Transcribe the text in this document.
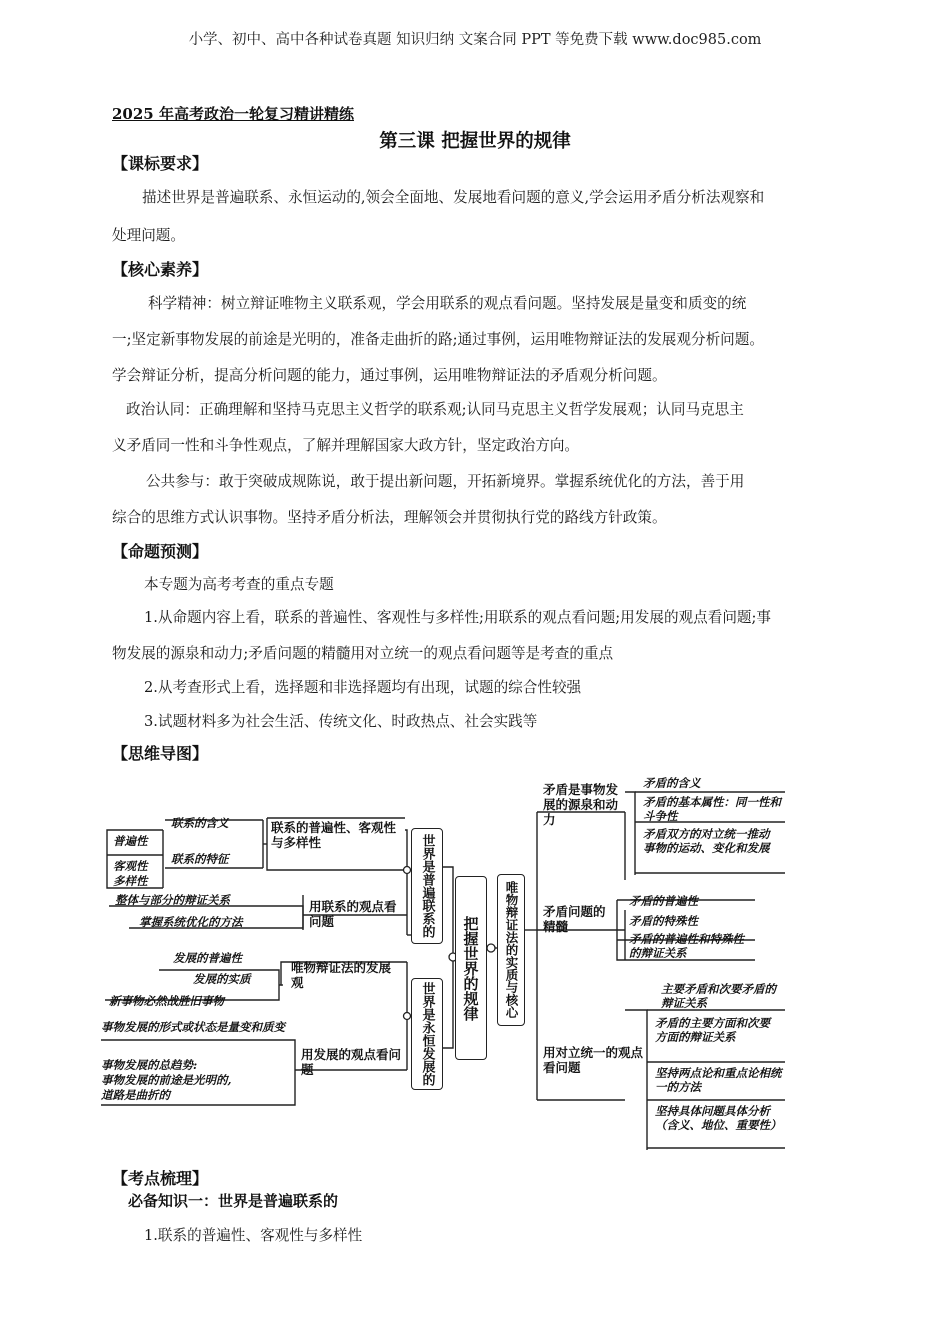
小学、初中、高中各种试卷真题 知识归纳 文案合同 PPT 等免费下载 www.doc985.com
2025 年高考政治一轮复习精讲精练
第三课 把握世界的规律
【课标要求】
描述世界是普遍联系、永恒运动的,领会全面地、发展地看问题的意义,学会运用矛盾分析法观察和
处理问题。
【核心素养】
科学精神：树立辩证唯物主义联系观，学会用联系的观点看问题。坚持发展是量变和质变的统
一;坚定新事物发展的前途是光明的，准备走曲折的路;通过事例，运用唯物辩证法的发展观分析问题。
学会辩证分析，提高分析问题的能力，通过事例，运用唯物辩证法的矛盾观分析问题。
政治认同：正确理解和坚持马克思主义哲学的联系观;认同马克思主义哲学发展观；认同马克思主
义矛盾同一性和斗争性观点，了解并理解国家大政方针，坚定政治方向。
公共参与：敢于突破成规陈说，敢于提出新问题，开拓新境界。掌握系统优化的方法，善于用
综合的思维方式认识事物。坚持矛盾分析法，理解领会并贯彻执行党的路线方针政策。
【命题预测】
本专题为高考考查的重点专题
1.从命题内容上看，联系的普遍性、客观性与多样性;用联系的观点看问题;用发展的观点看问题;事
物发展的源泉和动力;矛盾问题的精髓用对立统一的观点看问题等是考查的重点
2.从考查形式上看，选择题和非选择题均有出现，试题的综合性较强
3.试题材料多为社会生活、传统文化、时政热点、社会实践等
【思维导图】
世界是普遍联系的
世界是永恒发展的
把握世界的规律 唯物辩证法的实质与核心
联系的普遍性、客观性与多样性
联系的含义
联系的特征
普遍性
客观性
多样性
用联系的观点看问题
整体与部分的辩证关系
掌握系统优化的方法
唯物辩证法的发展观
发展的普遍性
发展的实质
新事物必然战胜旧事物
用发展的观点看问题
事物发展的形式或状态是量变和质变
事物发展的总趋势:
事物发展的前途是光明的,
道路是曲折的
矛盾是事物发展的源泉和动力
矛盾的含义
矛盾的基本属性：同一性和斗争性
矛盾双方的对立统一推动事物的运动、变化和发展
矛盾问题的精髓
矛盾的普遍性
矛盾的特殊性
矛盾的普遍性和特殊性的辩证关系
用对立统一的观点看问题
主要矛盾和次要矛盾的辩证关系
矛盾的主要方面和次要方面的辩证关系
坚持两点论和重点论相统一的方法
坚持具体问题具体分析（含义、地位、重要性）
【考点梳理】
必备知识一：世界是普遍联系的
1.联系的普遍性、客观性与多样性
